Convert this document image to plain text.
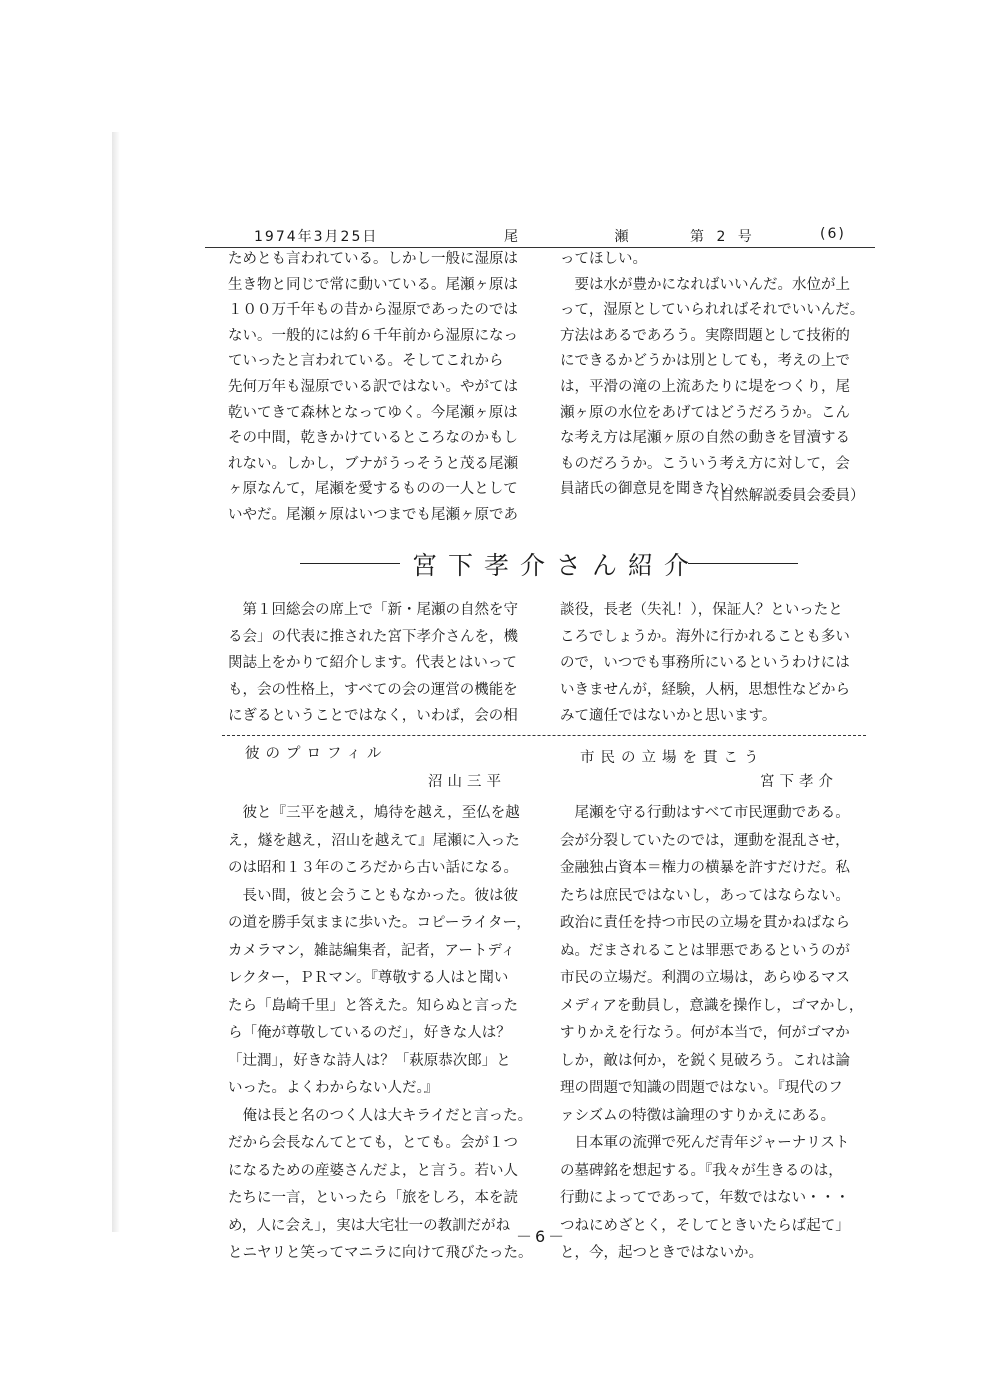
1974年3月25日	尾 瀬 第 2 号	(6)
ためとも言われている。しかし一般に湿原は
生き物と同じで常に動いている。尾瀬ヶ原は
１００万千年もの昔から湿原であったのでは
ない。一般的には約６千年前から湿原になっ
ていったと言われている。そしてこれから
先何万年も湿原でいる訳ではない。やがては
乾いてきて森林となってゆく。今尾瀬ヶ原は
その中間，乾きかけているところなのかもし
れない。しかし，ブナがうっそうと茂る尾瀬
ヶ原なんて，尾瀬を愛するものの一人として
いやだ。尾瀬ヶ原はいつまでも尾瀬ヶ原であ
ってほしい。
　要は水が豊かになればいいんだ。水位が上
って，湿原としていられればそれでいいんだ。
方法はあるであろう。実際問題として技術的
にできるかどうかは別としても，考えの上で
は，平滑の滝の上流あたりに堤をつくり，尾
瀬ヶ原の水位をあげてはどうだろうか。こん
な考え方は尾瀬ヶ原の自然の動きを冒瀆する
ものだろうか。こういう考え方に対して，会
員諸氏の御意見を聞きたい。
（自然解説委員会委員）
宮下孝介さん紹介
　第１回総会の席上で「新・尾瀬の自然を守
る会」の代表に推された宮下孝介さんを，機
関誌上をかりて紹介します。代表とはいって
も，会の性格上，すべての会の運営の機能を
にぎるということではなく，いわば，会の相
談役，長老（失礼！），保証人？といったと
ころでしょうか。海外に行かれることも多い
ので，いつでも事務所にいるというわけには
いきませんが，経験，人柄，思想性などから
みて適任ではないかと思います。
彼のプロフィル
沼山三平
　彼と『三平を越え，鳩待を越え，至仏を越
え，燧を越え，沼山を越えて』尾瀬に入った
のは昭和１３年のころだから古い話になる。
　長い間，彼と会うこともなかった。彼は彼
の道を勝手気ままに歩いた。コピーライター，
カメラマン，雑誌編集者，記者，アートディ
レクター，ＰＲマン。『尊敬する人はと聞い
たら「島崎千里」と答えた。知らぬと言った
ら「俺が尊敬しているのだ」，好きな人は？
「辻潤」，好きな詩人は？「萩原恭次郎」と
いった。よくわからない人だ。』
　俺は長と名のつく人は大キライだと言った。
だから会長なんてとても，とても。会が１つ
になるための産婆さんだよ，と言う。若い人
たちに一言，といったら「旅をしろ，本を読
め，人に会え」，実は大宅壮一の教訓だがね
とニヤリと笑ってマニラに向けて飛びたった。
市民の立場を貫こう
宮下孝介
　尾瀬を守る行動はすべて市民運動である。
会が分裂していたのでは，運動を混乱させ，
金融独占資本＝権力の横暴を許すだけだ。私
たちは庶民ではないし，あってはならない。
政治に責任を持つ市民の立場を貫かねばなら
ぬ。だまされることは罪悪であるというのが
市民の立場だ。利潤の立場は，あらゆるマス
メディアを動員し，意識を操作し，ゴマかし，
すりかえを行なう。何が本当で，何がゴマか
しか，敵は何か，を鋭く見破ろう。これは論
理の問題で知識の問題ではない。『現代のフ
ァシズムの特徴は論理のすりかえにある。
　日本軍の流弾で死んだ青年ジャーナリスト
の墓碑銘を想起する。『我々が生きるのは，
行動によってであって，年数ではない・・・
つねにめざとく，そしてときいたらば起て」
と，今，起つときではないか。
－6－
